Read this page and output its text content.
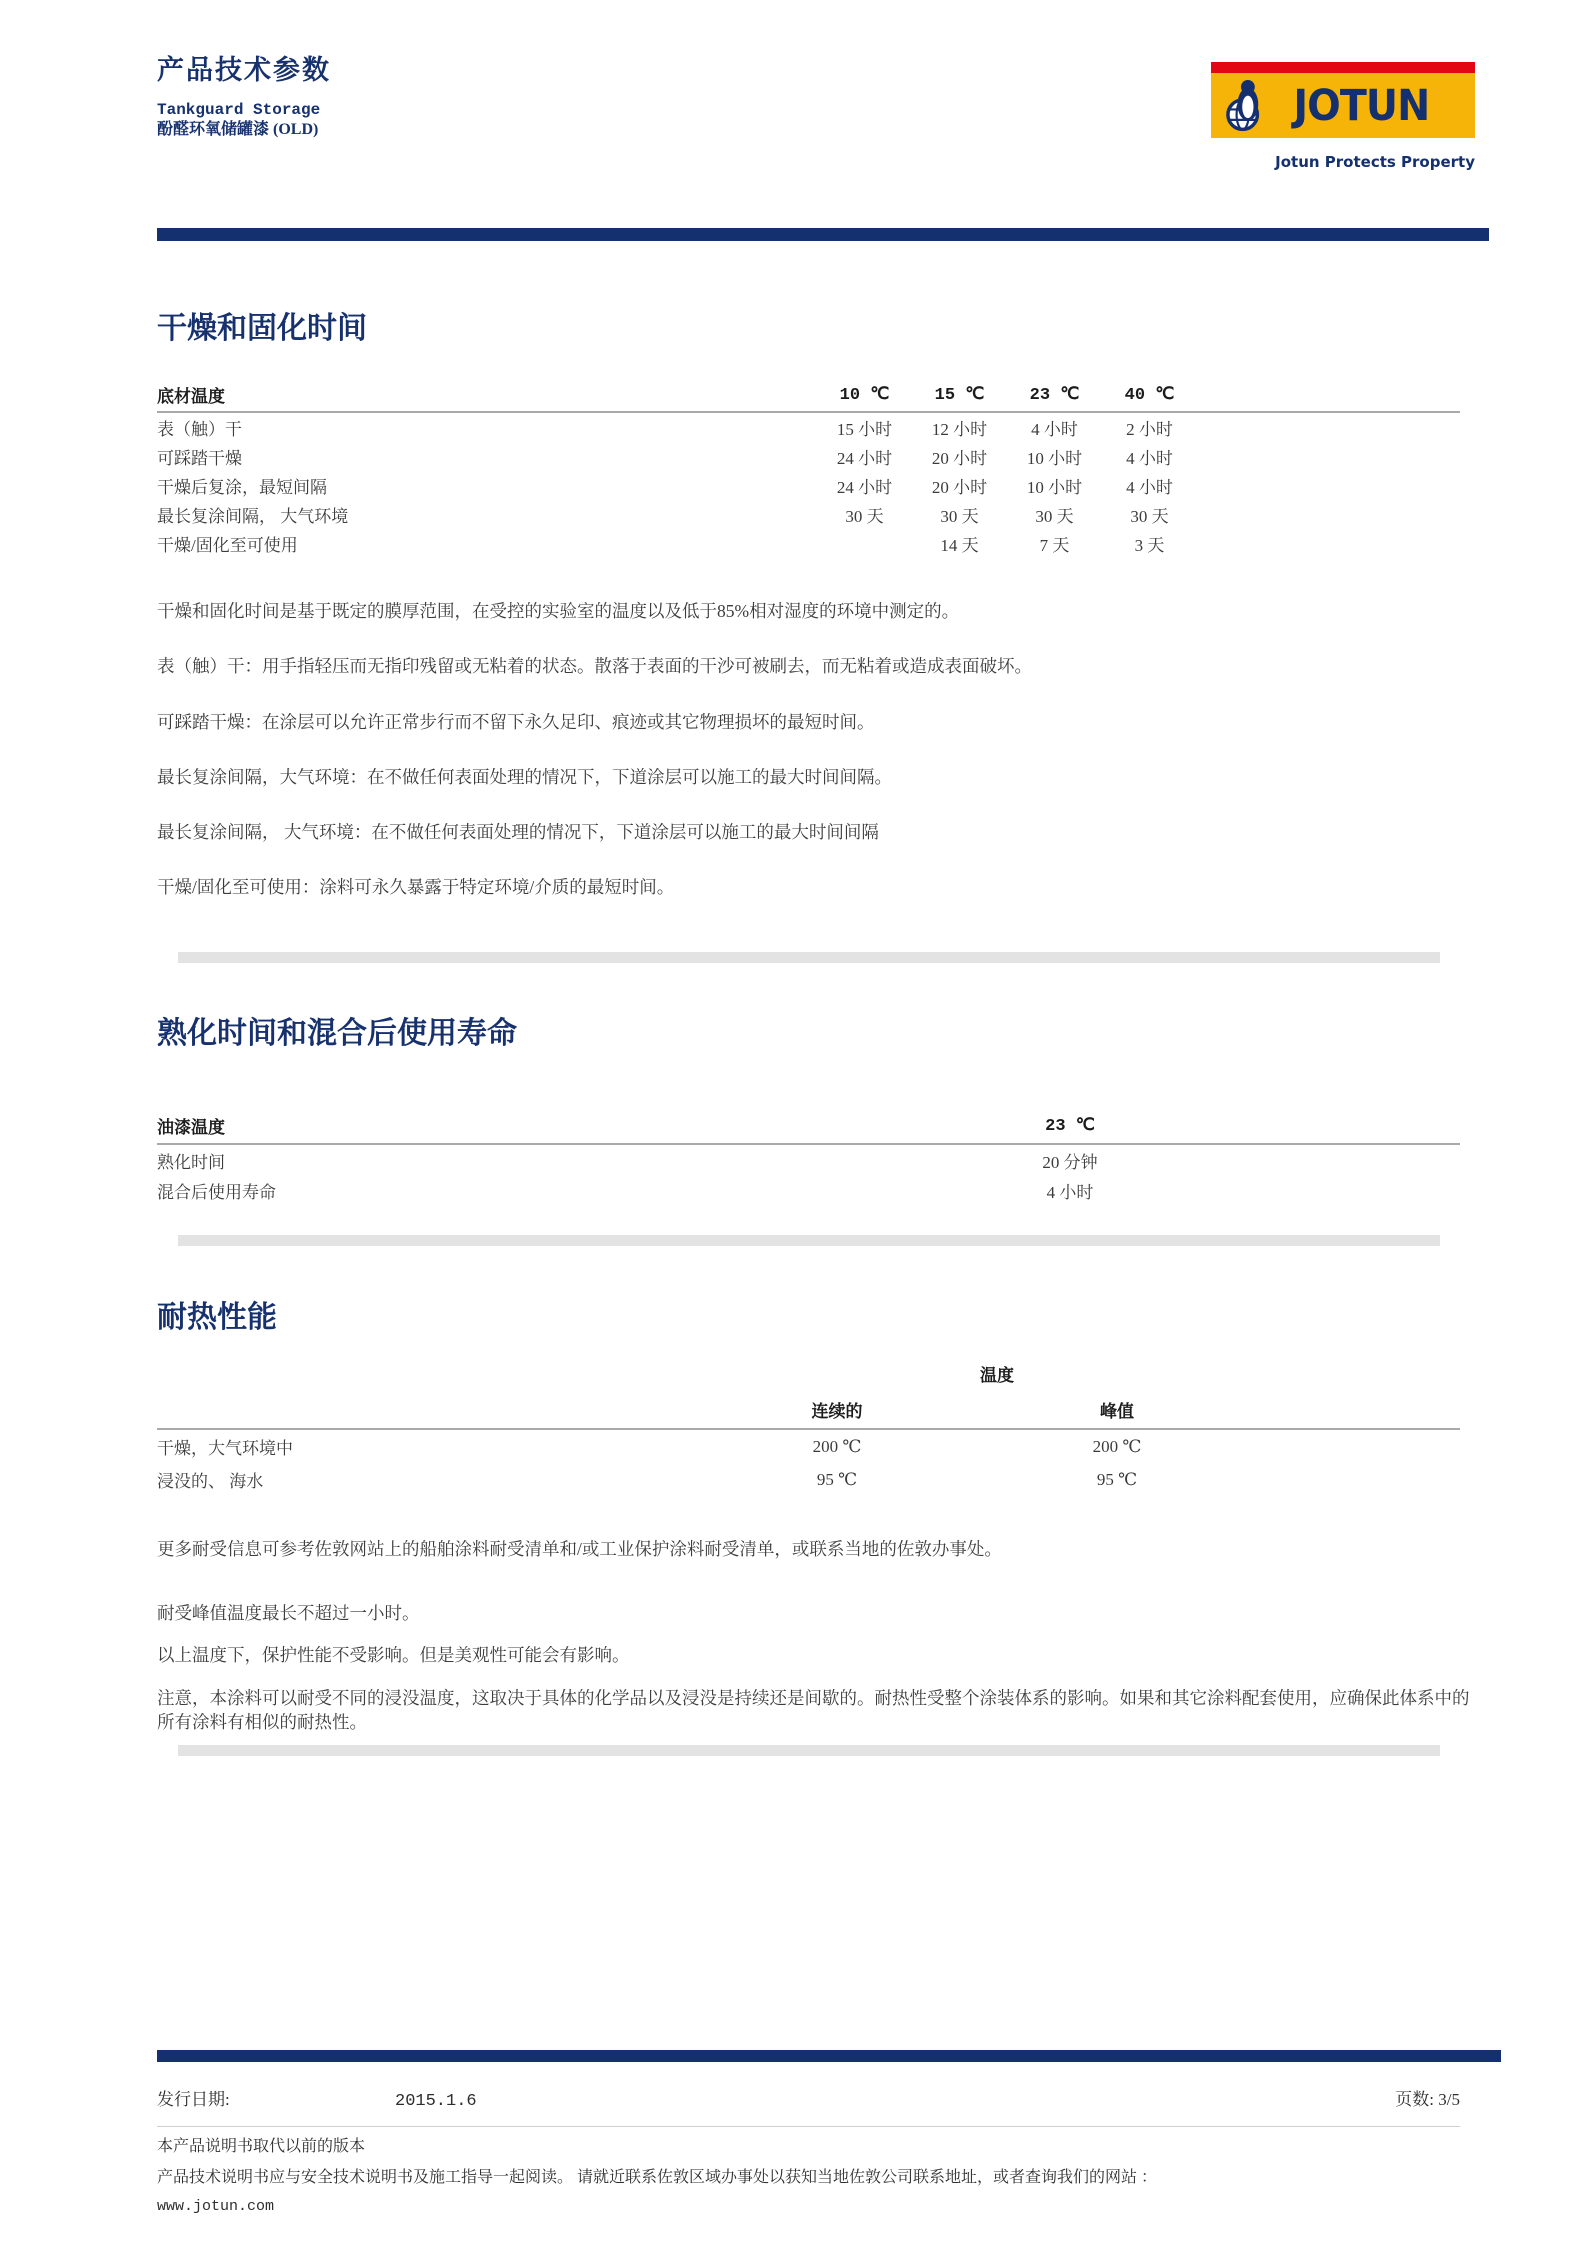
产品技术参数
Tankguard Storage
酚醛环氧储罐漆 (OLD)	JOTUN
Jotun Protects Property
干燥和固化时间
底材温度	10 ℃	15 ℃	23 ℃	40 ℃	
表（触）干	15 小时	12 小时	4 小时	2 小时	
可踩踏干燥	24 小时	20 小时	10 小时	4 小时	
干燥后复涂，最短间隔	24 小时	20 小时	10 小时	4 小时	
最长复涂间隔， 大气环境	30 天	30 天	30 天	30 天	
干燥/固化至可使用		14 天	7 天	3 天	

干燥和固化时间是基于既定的膜厚范围，在受控的实验室的温度以及低于85%相对湿度的环境中测定的。

表（触）干：用手指轻压而无指印残留或无粘着的状态。散落于表面的干沙可被刷去，而无粘着或造成表面破坏。

可踩踏干燥：在涂层可以允许正常步行而不留下永久足印、痕迹或其它物理损坏的最短时间。

最长复涂间隔，大气环境：在不做任何表面处理的情况下，下道涂层可以施工的最大时间间隔。

最长复涂间隔， 大气环境：在不做任何表面处理的情况下，下道涂层可以施工的最大时间间隔

干燥/固化至可使用：涂料可永久暴露于特定环境/介质的最短时间。

熟化时间和混合后使用寿命
油漆温度	23 ℃	
熟化时间	20 分钟	
混合后使用寿命	4 小时	
耐热性能
	温度		
	连续的	峰值	
干燥，大气环境中	200 ℃	200 ℃	
浸没的、 海水	95 ℃	95 ℃	

更多耐受信息可参考佐敦网站上的船舶涂料耐受清单和/或工业保护涂料耐受清单，或联系当地的佐敦办事处。

耐受峰值温度最长不超过一小时。

以上温度下，保护性能不受影响。但是美观性可能会有影响。

注意，本涂料可以耐受不同的浸没温度，这取决于具体的化学品以及浸没是持续还是间歇的。耐热性受整个涂装体系的影响。如果和其它涂料配套使用，应确保此体系中的所有涂料有相似的耐热性。

发行日期:	2015.1.6	页数: 3/5

本产品说明书取代以前的版本

产品技术说明书应与安全技术说明书及施工指导一起阅读。 请就近联系佐敦区域办事处以获知当地佐敦公司联系地址，或者查询我们的网站 ：

www.jotun.com
